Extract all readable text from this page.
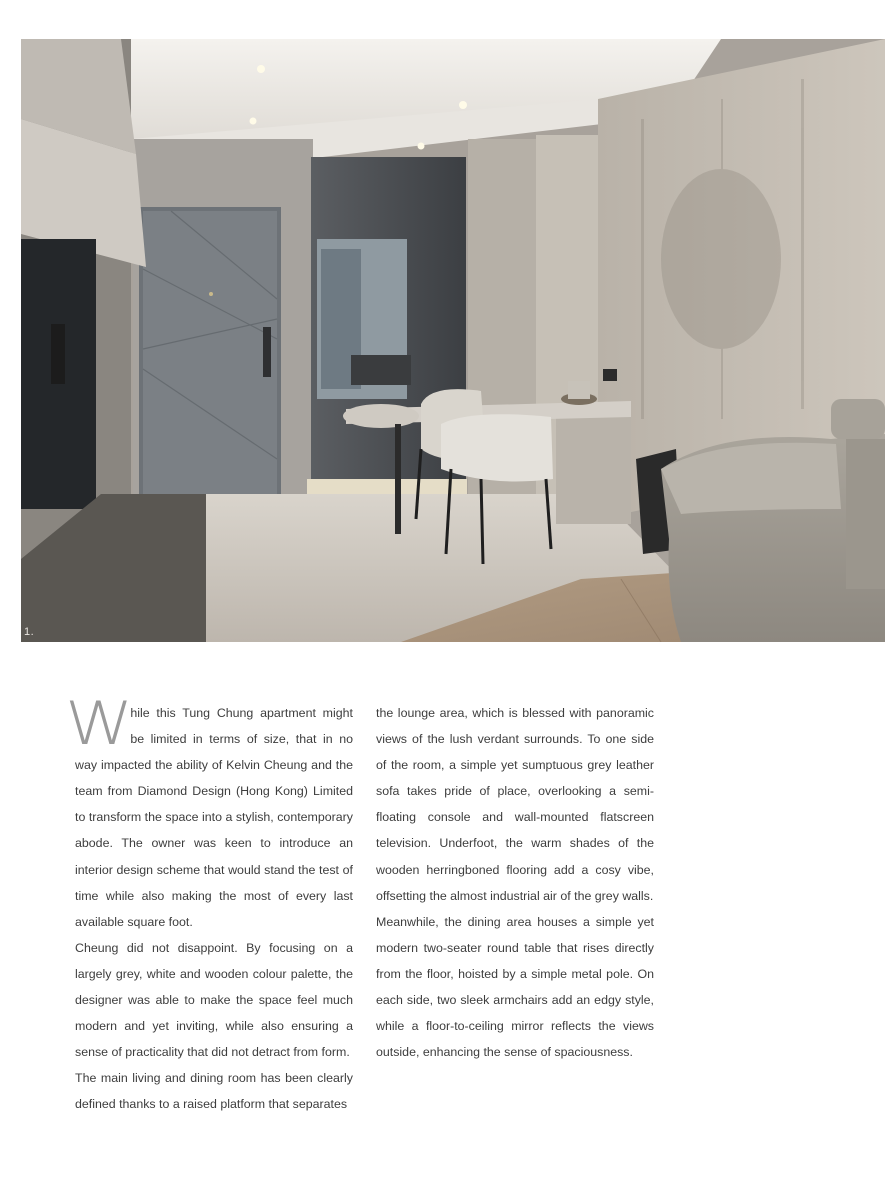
1.

W
hile this Tung Chung apartment might be limited in terms of size, that in no way impacted the ability of Kelvin Cheung and the team from Diamond Design (Hong Kong) Limited to transform the space into a stylish, contemporary abode. The owner was keen to introduce an interior design scheme that would stand the test of time while also making the most of every last available square foot.

Cheung did not disappoint. By focusing on a largely grey, white and wooden colour palette, the designer was able to make the space feel much modern and yet inviting, while also ensuring a sense of practicality that did not detract from form.

The main living and dining room has been clearly defined thanks to a raised platform that separates

the lounge area, which is blessed with panoramic views of the lush verdant surrounds. To one side of the room, a simple yet sumptuous grey leather sofa takes pride of place, overlooking a semi-floating console and wall-mounted flatscreen television. Underfoot, the warm shades of the wooden herringboned flooring add a cosy vibe, offsetting the almost industrial air of the grey walls.

Meanwhile, the dining area houses a simple yet modern two-seater round table that rises directly from the floor, hoisted by a simple metal pole. On each side, two sleek armchairs add an edgy style, while a floor-to-ceiling mirror reflects the views outside, enhancing the sense of spaciousness.
